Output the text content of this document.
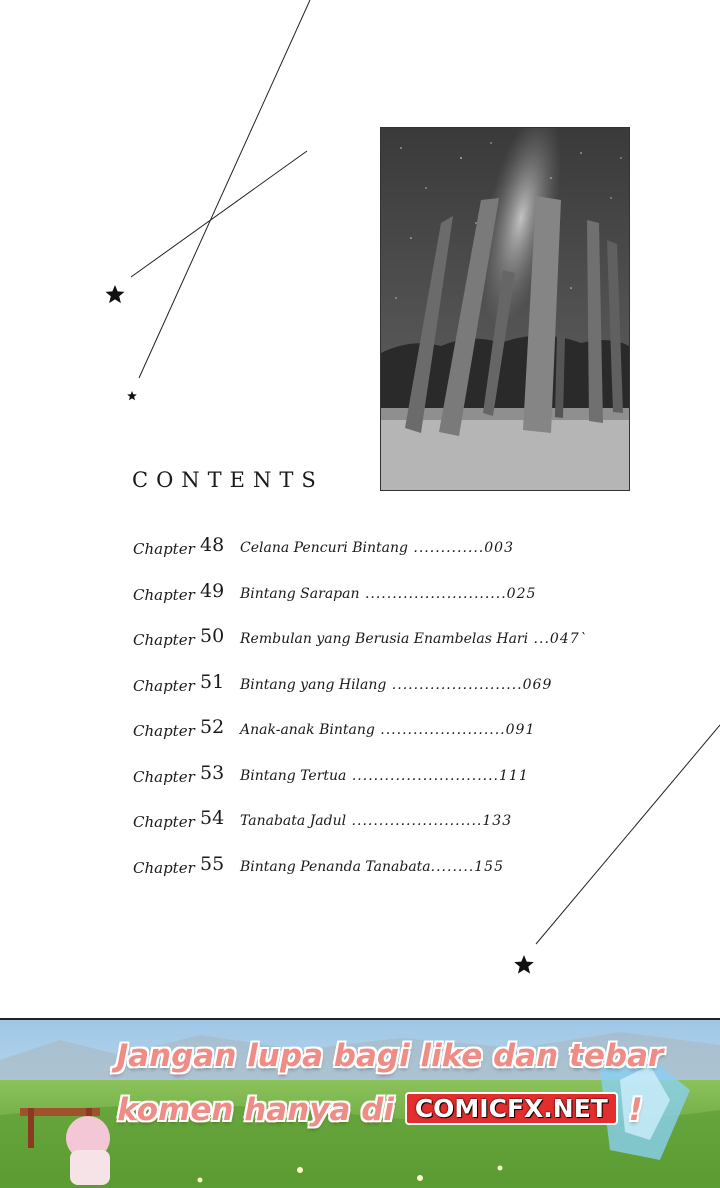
CONTENTS
Chapter 48 Celana Pencuri Bintang .............003
Chapter 49 Bintang Sarapan ..........................025
Chapter 50 Rembulan yang Berusia Enambelas Hari ...047`
Chapter 51 Bintang yang Hilang ........................069
Chapter 52 Anak-anak Bintang .......................091
Chapter 53 Bintang Tertua ...........................111
Chapter 54 Tanabata Jadul ........................133
Chapter 55 Bintang Penanda Tanabata........155
Jangan lupa bagi like dan tebar
komen hanya di COMICFX.NET !
